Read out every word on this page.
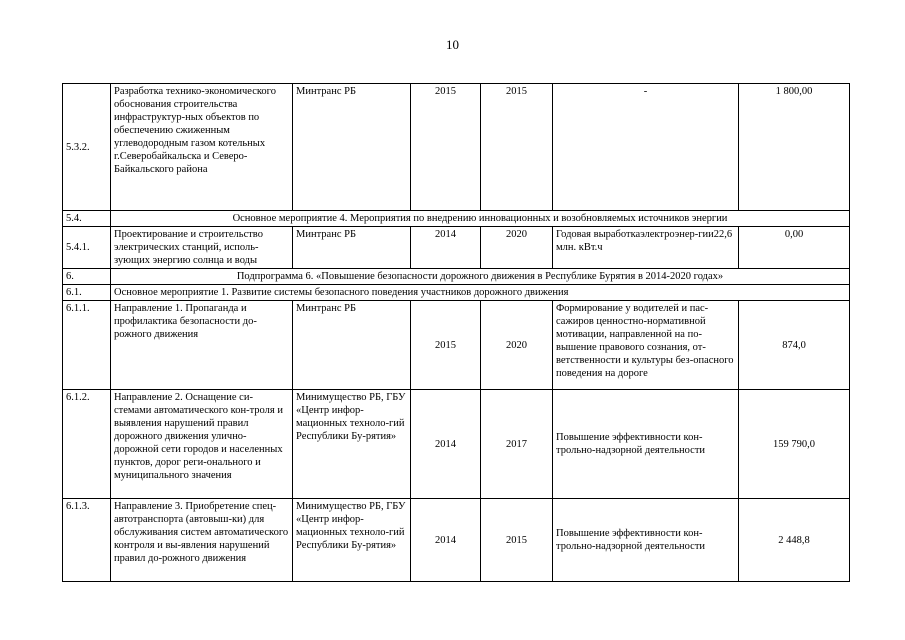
10
5.3.2.	Разработка технико-экономического обоснования строительства инфраструктур-ных объектов по обеспечению сжиженным углеводородным газом котельных г.Северобайкальска и Северо-Байкальского района	Минтранс РБ	2015	2015	-	1 800,00
5.4.	Основное мероприятие 4. Мероприятия по внедрению инновационных и возобновляемых источников энергии					
5.4.1.	Проектирование и строительство электрических станций, исполь-зующих энергию солнца и воды	Минтранс РБ	2014	2020	Годовая выработкаэлектроэнер-гии22,6 млн. кВт.ч	0,00
6.	Подпрограмма 6. «Повышение безопасности дорожного движения в Республике Бурятия в 2014-2020 годах»					
6.1.	Основное мероприятие 1. Развитие системы безопасного поведения участников дорожного движения					
6.1.1.	Направление 1. Пропаганда и профилактика безопасности до-рожного движения	Минтранс РБ	2015	2020	Формирование у водителей и пас-сажиров ценностно-нормативной мотивации, направленной на по-вышение правового сознания, от-ветственности и культуры без-опасного поведения на дороге	874,0
6.1.2.	Направление 2. Оснащение си-стемами автоматического кон-троля и выявления нарушений правил дорожного движения улично-дорожной сети городов и населенных пунктов, дорог реги-онального и муниципального значения	Минимущество РБ, ГБУ «Центр инфор-мационных техноло-гий Республики Бу-рятия»	2014	2017	Повышение эффективности кон-трольно-надзорной деятельности	159 790,0
6.1.3.	Направление 3. Приобретение спец-автотранспорта (автовыш-ки) для обслуживания систем автоматического контроля и вы-явления нарушений правил до-рожного движения	Минимущество РБ, ГБУ «Центр инфор-мационных техноло-гий Республики Бу-рятия»	2014	2015	Повышение эффективности кон-трольно-надзорной деятельности	2 448,8
